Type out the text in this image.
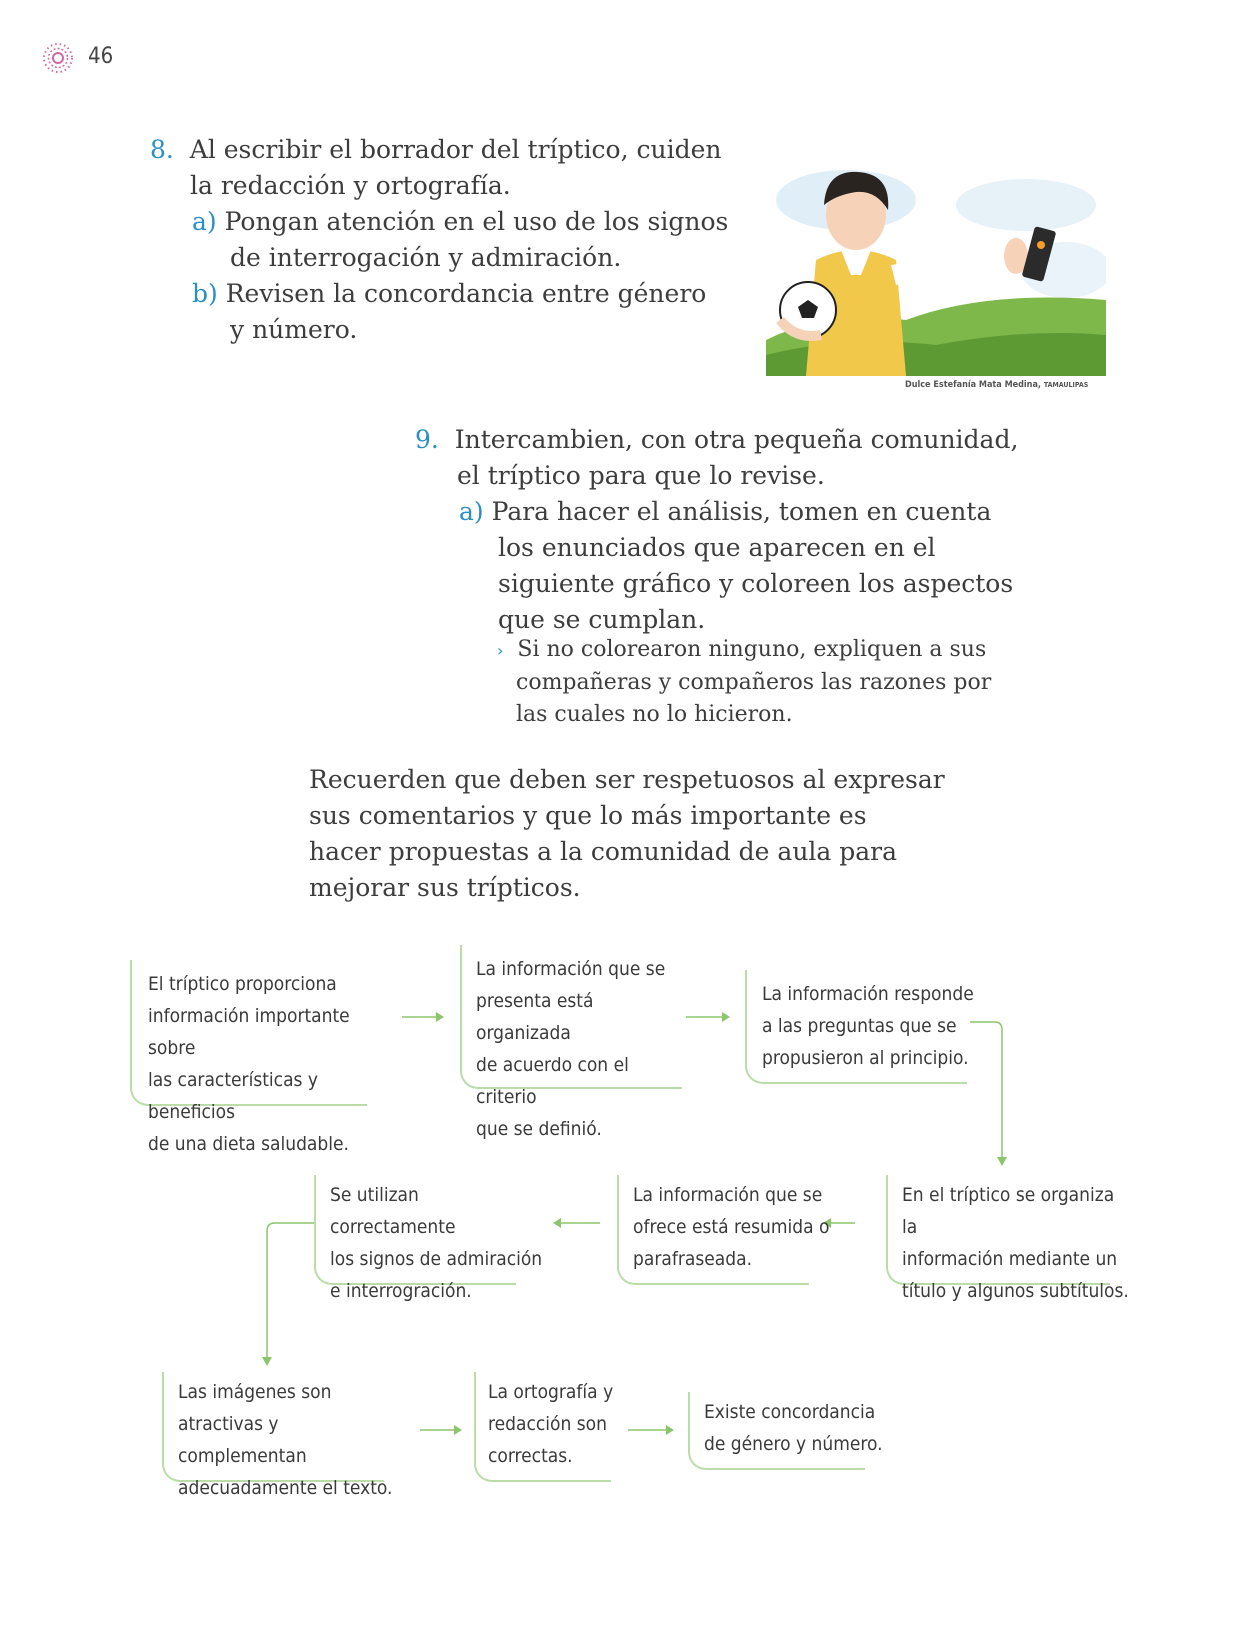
46
8. Al escribir el borrador del tríptico, cuiden
la redacción y ortografía.
a) Pongan atención en el uso de los signos
de interrogación y admiración.
b) Revisen la concordancia entre género
y número.
Dulce Estefanía Mata Medina, TAMAULIPAS
9. Intercambien, con otra pequeña comunidad,
el tríptico para que lo revise.
a) Para hacer el análisis, tomen en cuenta
los enunciados que aparecen en el
siguiente gráfico y coloreen los aspectos
que se cumplan.
› Si no colorearon ninguno, expliquen a sus
compañeras y compañeros las razones por
las cuales no lo hicieron.
Recuerden que deben ser respetuosos al expresar
sus comentarios y que lo más importante es
hacer propuestas a la comunidad de aula para
mejorar sus trípticos.
El tríptico proporciona
información importante sobre
las características y beneficios
de una dieta saludable.
La información que se
presenta está organizada
de acuerdo con el criterio
que se definió.
La información responde
a las preguntas que se
propusieron al principio.
En el tríptico se organiza la
información mediante un
título y algunos subtítulos.
La información que se
ofrece está resumida o
parafraseada.
Se utilizan correctamente
los signos de admiración
e interrogración.
Las imágenes son
atractivas y complementan
adecuadamente el texto.
La ortografía y
redacción son
correctas.
Existe concordancia
de género y número.
